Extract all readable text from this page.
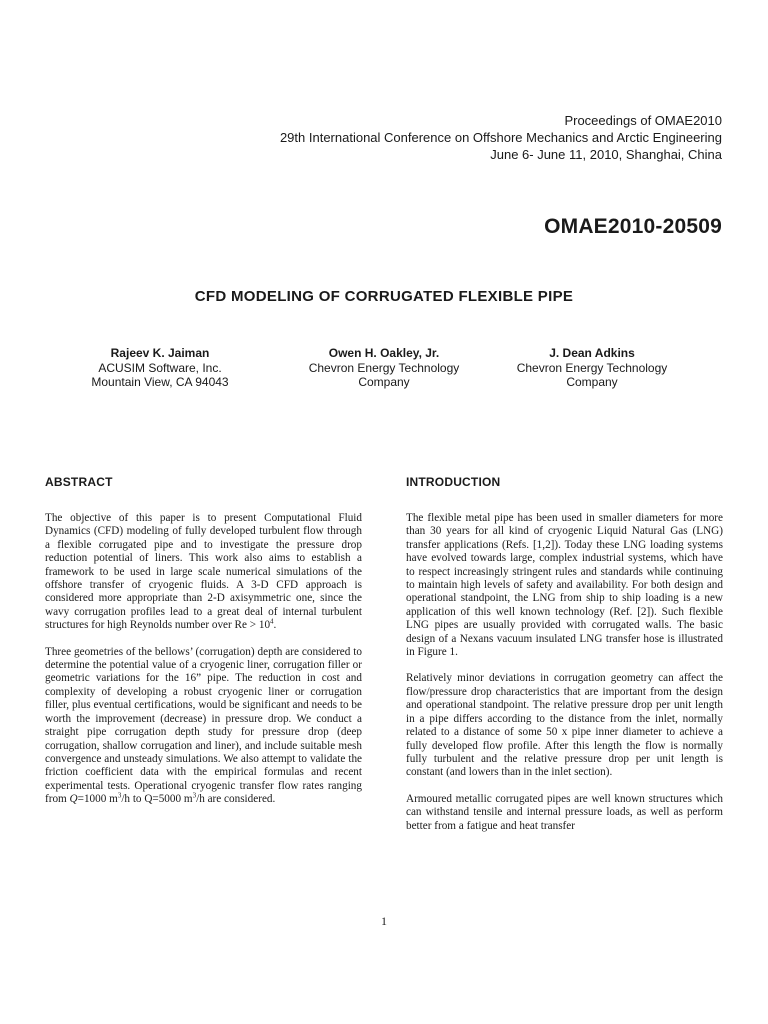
Proceedings of OMAE2010
29th International Conference on Offshore Mechanics and Arctic Engineering
June 6- June 11, 2010, Shanghai, China
OMAE2010-20509
CFD MODELING OF CORRUGATED FLEXIBLE PIPE
Rajeev K. Jaiman
ACUSIM Software, Inc.
Mountain View, CA 94043
Owen H. Oakley, Jr.
Chevron Energy Technology
Company
J. Dean Adkins
Chevron Energy Technology
Company
ABSTRACT	INTRODUCTION

The objective of this paper is to present Computational Fluid Dynamics (CFD) modeling of fully developed turbulent flow through a flexible corrugated pipe and to investigate the pressure drop reduction potential of liners. This work also aims to establish a framework to be used in large scale numerical simulations of the offshore transfer of cryogenic fluids. A 3-D CFD approach is considered more appropriate than 2-D axisymmetric one, since the wavy corrugation profiles lead to a great deal of internal turbulent structures for high Reynolds number over $Re > 10^4$.

Three geometries of the bellows’ (corrugation) depth are considered to determine the potential value of a cryogenic liner, corrugation filler or geometric variations for the 16” pipe. The reduction in cost and complexity of developing a robust cryogenic liner or corrugation filler, plus eventual certifications, would be significant and needs to be worth the improvement (decrease) in pressure drop. We conduct a straight pipe corrugation depth study for pressure drop (deep corrugation, shallow corrugation and liner), and include suitable mesh convergence and unsteady simulations. We also attempt to validate the friction coefficient data with the empirical formulas and recent experimental tests. Operational cryogenic transfer flow rates ranging from Q=1000 $m^3/h$ to Q=5000 $m^3/h$ are considered.

The flexible metal pipe has been used in smaller diameters for more than 30 years for all kind of cryogenic Liquid Natural Gas (LNG) transfer applications (Refs. [1,2]). Today these LNG loading systems have evolved towards large, complex industrial systems, which have to respect increasingly stringent rules and standards while continuing to maintain high levels of safety and availability. For both design and operational standpoint, the LNG from ship to ship loading is a new application of this well known technology (Ref. [2]). Such flexible LNG pipes are usually provided with corrugated walls. The basic design of a Nexans vacuum insulated LNG transfer hose is illustrated in Figure 1.

Relatively minor deviations in corrugation geometry can affect the flow/pressure drop characteristics that are important from the design and operational standpoint. The relative pressure drop per unit length in a pipe differs according to the distance from the inlet, normally related to a distance of some 50 x pipe inner diameter to achieve a fully developed flow profile. After this length the flow is normally fully turbulent and the relative pressure drop per unit length is constant (and lowers than in the inlet section).

Armoured metallic corrugated pipes are well known structures which can withstand tensile and internal pressure loads, as well as perform better from a fatigue and heat transfer

1
